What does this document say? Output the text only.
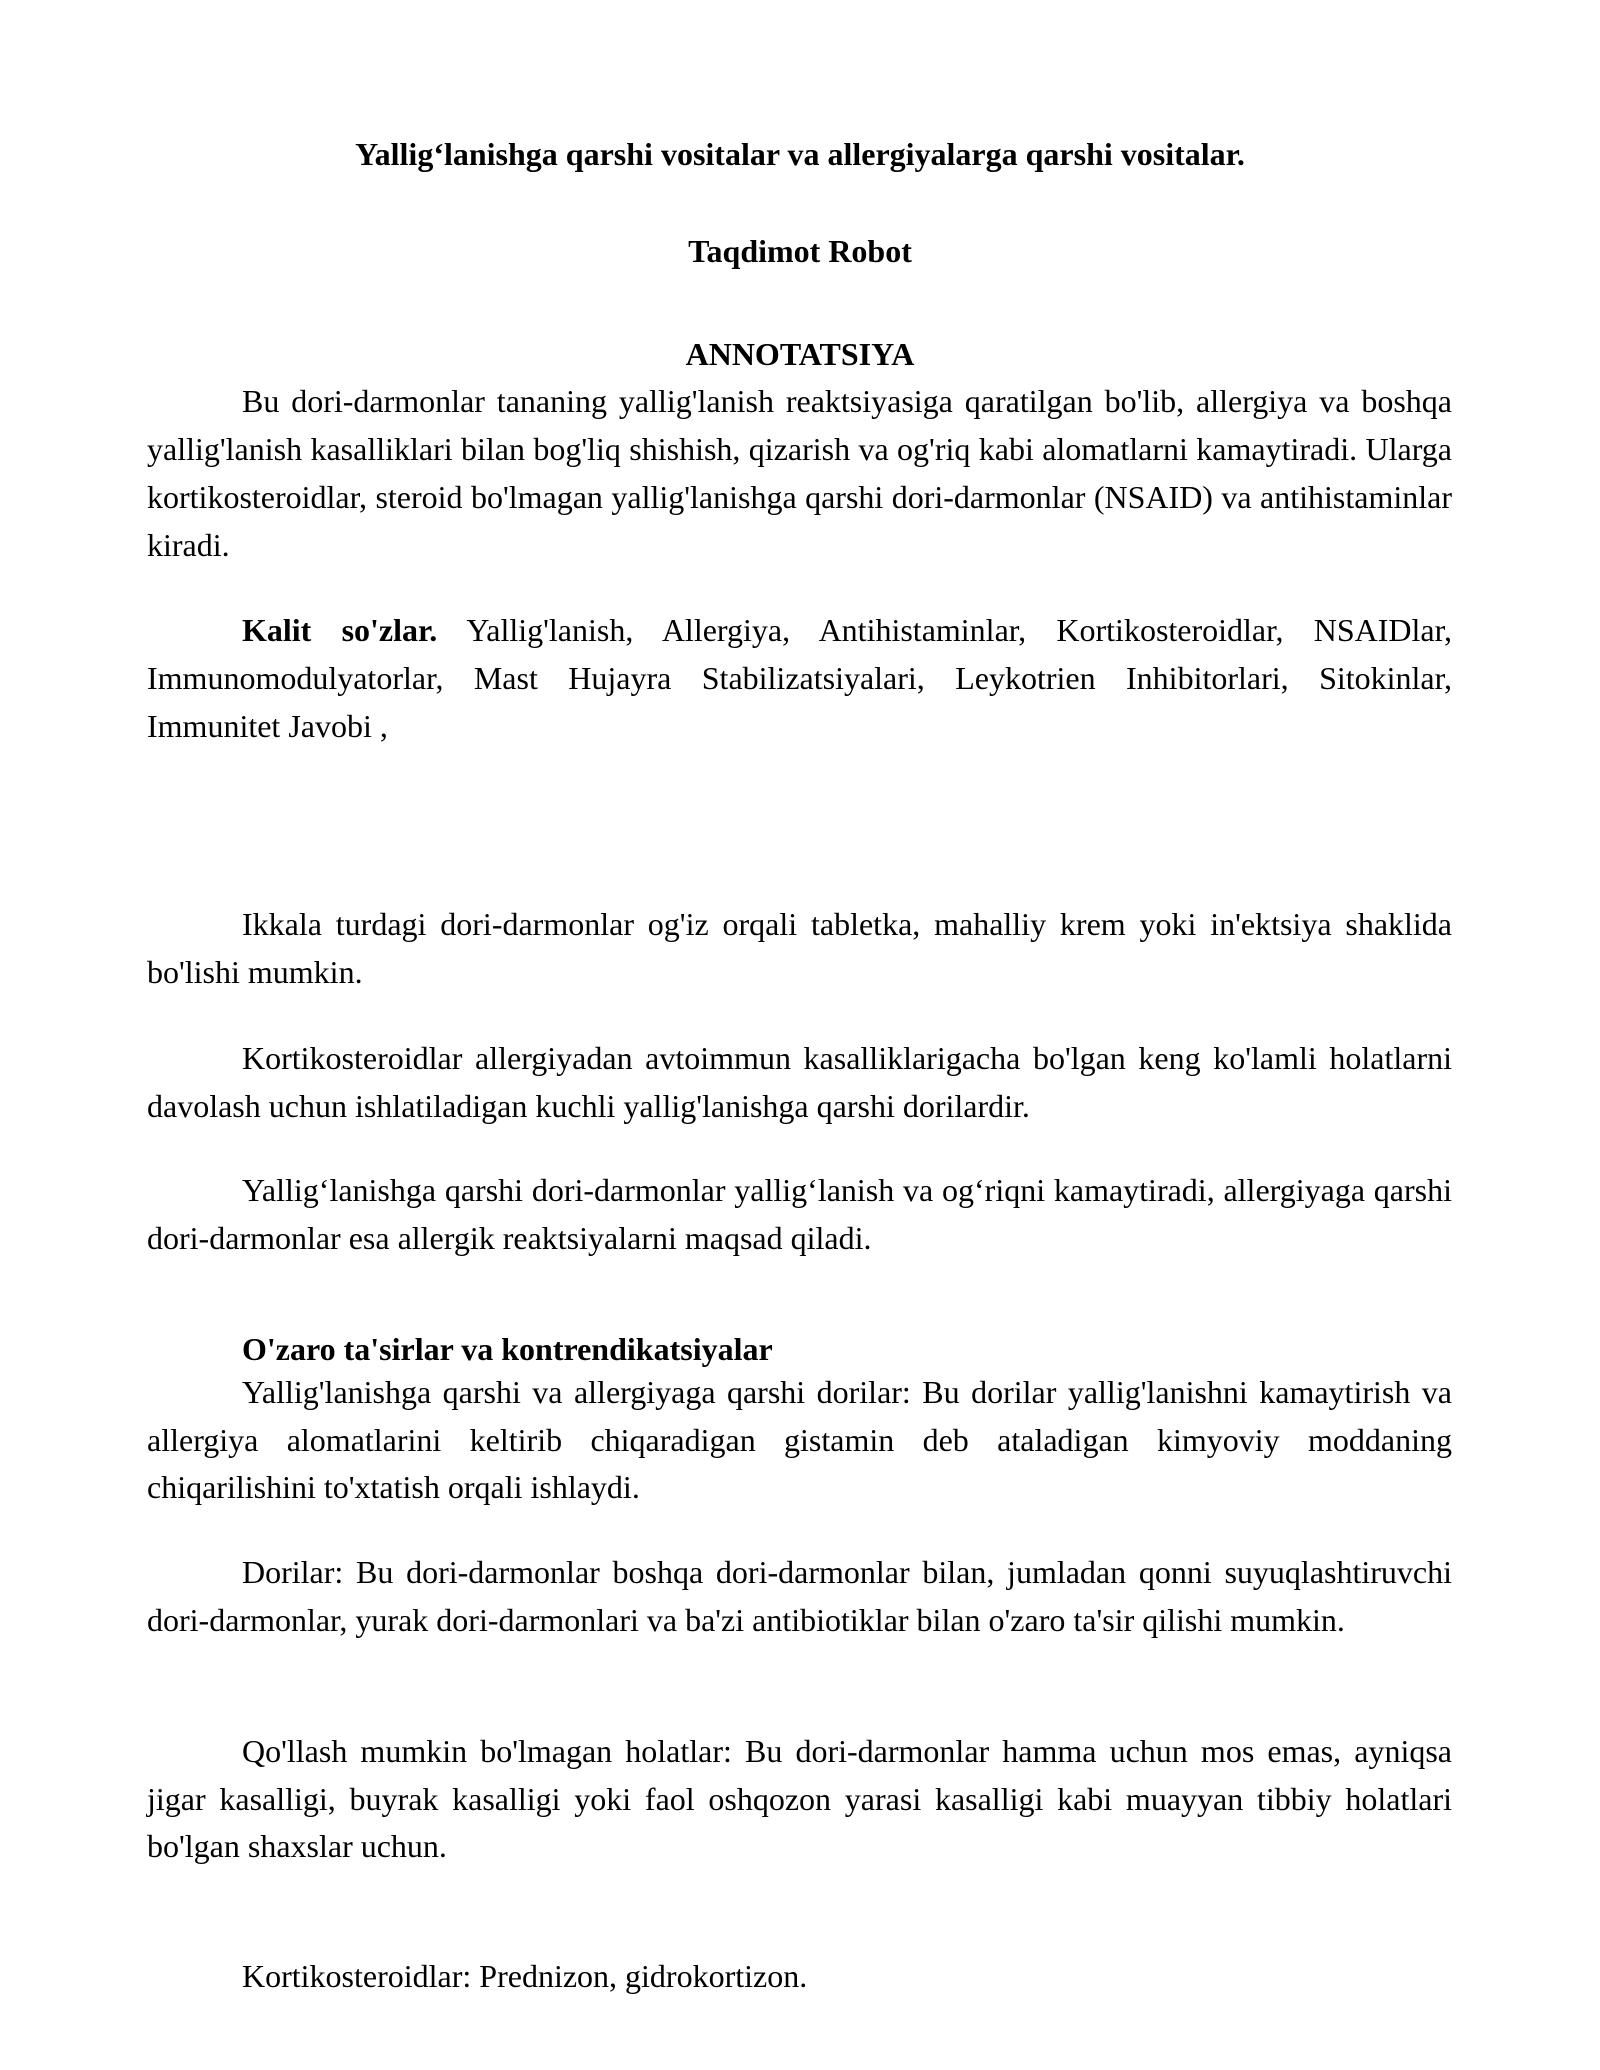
Yallig‘lanishga qarshi vositalar va allergiyalarga qarshi vositalar.

Taqdimot Robot

ANNOTATSIYA

Bu dori-darmonlar tananing yallig'lanish reaktsiyasiga qaratilgan bo'lib, allergiya va boshqa yallig'lanish kasalliklari bilan bog'liq shishish, qizarish va og'riq kabi alomatlarni kamaytiradi. Ularga kortikosteroidlar, steroid bo'lmagan yallig'lanishga qarshi dori-darmonlar (NSAID) va antihistaminlar kiradi.

Kalit so'zlar. Yallig'lanish, Allergiya, Antihistaminlar, Kortikosteroidlar, NSAIDlar, Immunomodulyatorlar, Mast Hujayra Stabilizatsiyalari, Leykotrien Inhibitorlari, Sitokinlar, Immunitet Javobi ,

Ikkala turdagi dori-darmonlar og'iz orqali tabletka, mahalliy krem yoki in'ektsiya shaklida bo'lishi mumkin.

Kortikosteroidlar allergiyadan avtoimmun kasalliklarigacha bo'lgan keng ko'lamli holatlarni davolash uchun ishlatiladigan kuchli yallig'lanishga qarshi dorilardir.

Yallig‘lanishga qarshi dori-darmonlar yallig‘lanish va og‘riqni kamaytiradi, allergiyaga qarshi dori-darmonlar esa allergik reaktsiyalarni maqsad qiladi.

O'zaro ta'sirlar va kontrendikatsiyalar

Yallig'lanishga qarshi va allergiyaga qarshi dorilar: Bu dorilar yallig'lanishni kamaytirish va allergiya alomatlarini keltirib chiqaradigan gistamin deb ataladigan kimyoviy moddaning chiqarilishini to'xtatish orqali ishlaydi.

Dorilar: Bu dori-darmonlar boshqa dori-darmonlar bilan, jumladan qonni suyuqlashtiruvchi dori-darmonlar, yurak dori-darmonlari va ba'zi antibiotiklar bilan o'zaro ta'sir qilishi mumkin.

Qo'llash mumkin bo'lmagan holatlar: Bu dori-darmonlar hamma uchun mos emas, ayniqsa jigar kasalligi, buyrak kasalligi yoki faol oshqozon yarasi kasalligi kabi muayyan tibbiy holatlari bo'lgan shaxslar uchun.

Kortikosteroidlar: Prednizon, gidrokortizon.
